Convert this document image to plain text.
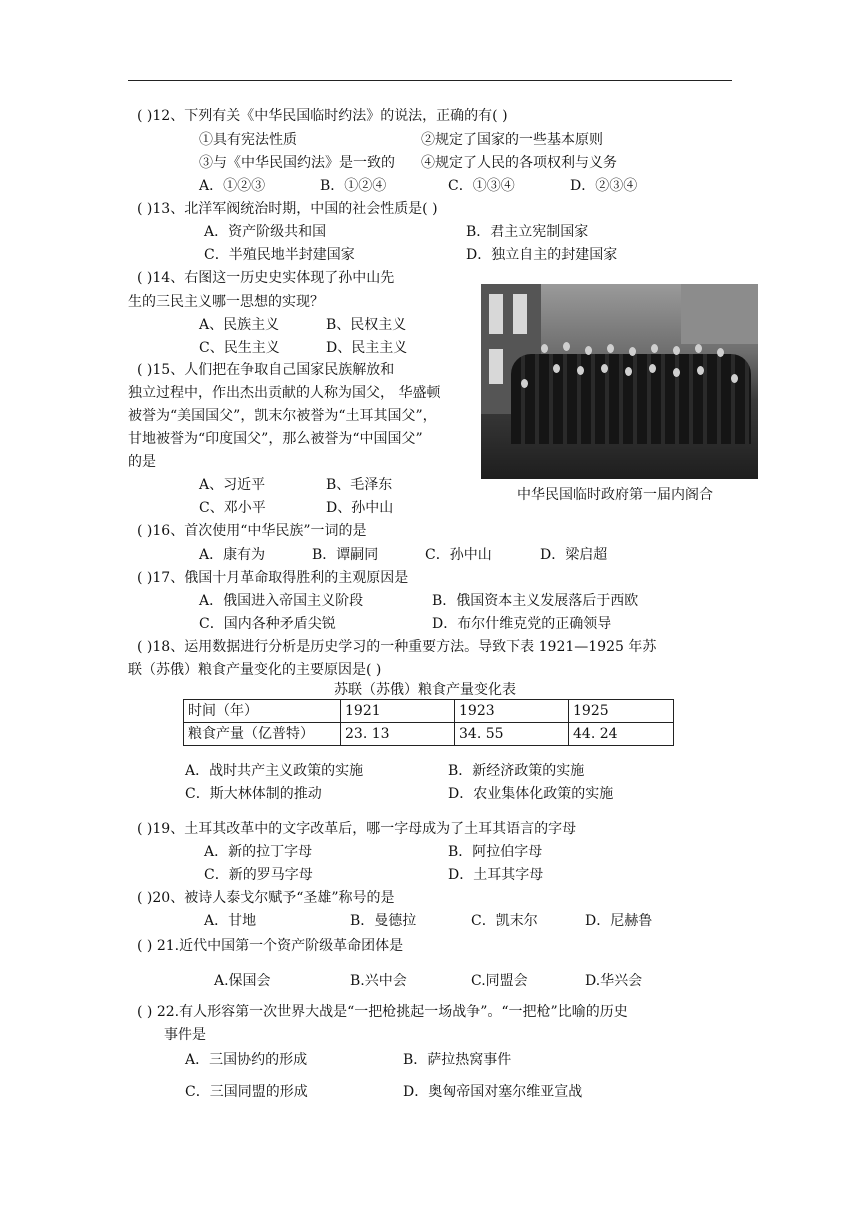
( )12、下列有关《中华民国临时约法》的说法，正确的有( )
①具有宪法性质	②规定了国家的一些基本原则
③与《中华民国约法》是一致的 ④规定了人民的各项权利与义务
A．①②③	B．①②④	C．①③④	D．②③④
( )13、北洋军阀统治时期，中国的社会性质是( )
A．资产阶级共和国	B．君主立宪制国家
C．半殖民地半封建国家	D．独立自主的封建国家
( )14、右图这一历史史实体现了孙中山先
生的三民主义哪一思想的实现？
A、民族主义	B、民权主义
C、民生主义	D、民主主义
中华民国临时政府第一届内阁合
( )15、人们把在争取自己国家民族解放和
独立过程中，作出杰出贡献的人称为国父， 华盛顿
被誉为“美国国父”，凯末尔被誉为“土耳其国父”，
甘地被誉为“印度国父”，那么被誉为“中国国父”
的是
A、习近平	B、毛泽东
C、邓小平	D、孙中山
( )16、首次使用“中华民族”一词的是
A．康有为	B．谭嗣同	C．孙中山	D．梁启超
( )17、俄国十月革命取得胜利的主观原因是
A．俄国进入帝国主义阶段	B．俄国资本主义发展落后于西欧
C．国内各种矛盾尖锐	D．布尔什维克党的正确领导
( )18、运用数据进行分析是历史学习的一种重要方法。导致下表 1921—1925 年苏
联（苏俄）粮食产量变化的主要原因是( )
苏联（苏俄）粮食产量变化表
时间（年）	1921	1923	1925
粮食产量（亿普特）	23. 13	34. 55	44. 24
A．战时共产主义政策的实施	B．新经济政策的实施
C．斯大林体制的推动	D．农业集体化政策的实施
( )19、土耳其改革中的文字改革后，哪一字母成为了土耳其语言的字母
A．新的拉丁字母	B．阿拉伯字母
C．新的罗马字母	D．土耳其字母
( )20、被诗人泰戈尔赋予“圣雄”称号的是
A．甘地	B．曼德拉	C．凯末尔	D．尼赫鲁
( ) 21.近代中国第一个资产阶级革命团体是
A.保国会	B.兴中会	C.同盟会	D.华兴会
( ) 22.有人形容第一次世界大战是“一把枪挑起一场战争”。“一把枪”比喻的历史
事件是
A．三国协约的形成	B．萨拉热窝事件
C．三国同盟的形成	D．奥匈帝国对塞尔维亚宣战
